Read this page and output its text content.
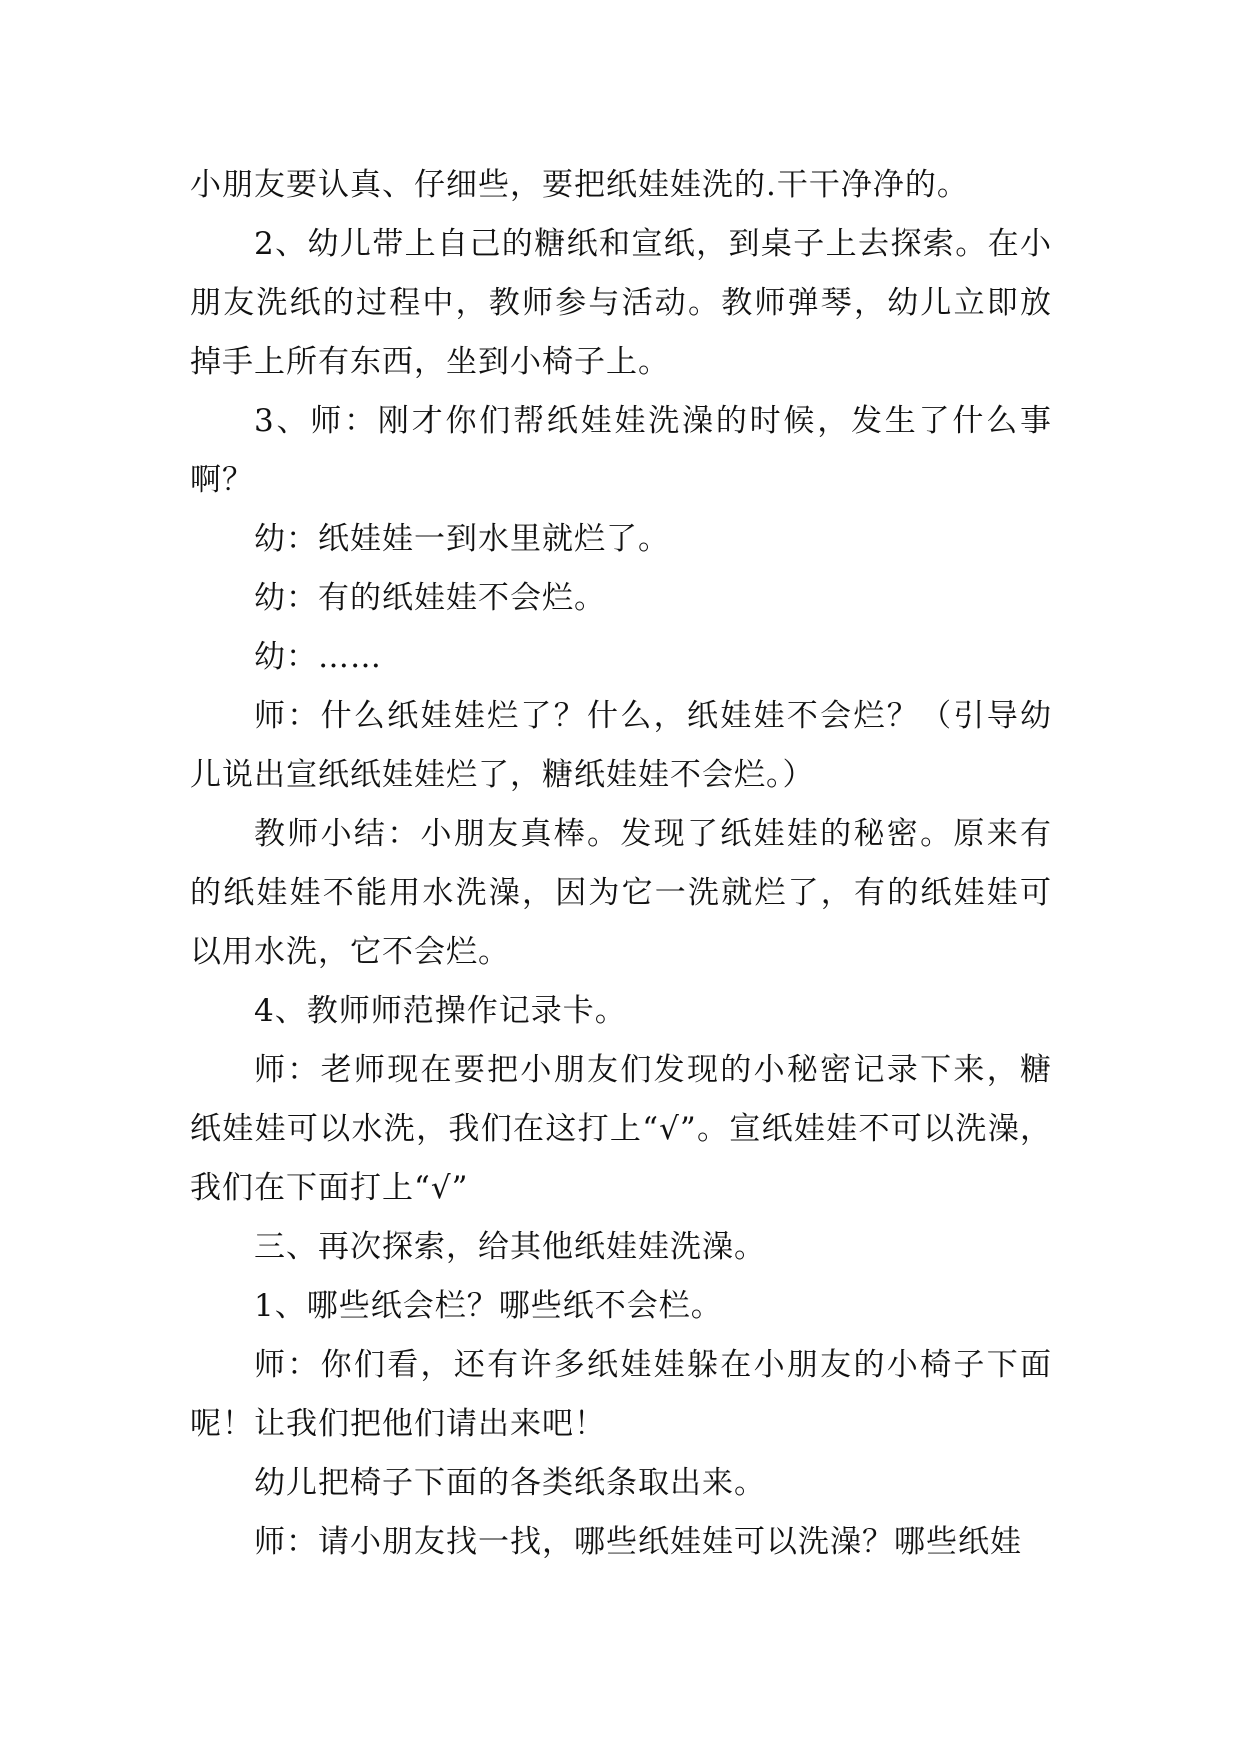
小朋友要认真、仔细些，要把纸娃娃洗的.干干净净的。

2、幼儿带上自己的糖纸和宣纸，到桌子上去探索。在小朋友洗纸的过程中，教师参与活动。教师弹琴，幼儿立即放掉手上所有东西，坐到小椅子上。

3、师：刚才你们帮纸娃娃洗澡的时候，发生了什么事啊？

幼：纸娃娃一到水里就烂了。

幼：有的纸娃娃不会烂。

幼：……

师：什么纸娃娃烂了？什么，纸娃娃不会烂？（引导幼儿说出宣纸纸娃娃烂了，糖纸娃娃不会烂。）

教师小结：小朋友真棒。发现了纸娃娃的秘密。原来有的纸娃娃不能用水洗澡，因为它一洗就烂了，有的纸娃娃可以用水洗，它不会烂。

4、教师师范操作记录卡。

师：老师现在要把小朋友们发现的小秘密记录下来，糖纸娃娃可以水洗，我们在这打上“√”。宣纸娃娃不可以洗澡，我们在下面打上“√”

三、再次探索，给其他纸娃娃洗澡。

1、哪些纸会栏？哪些纸不会栏。

师：你们看，还有许多纸娃娃躲在小朋友的小椅子下面呢！让我们把他们请出来吧！

幼儿把椅子下面的各类纸条取出来。

师：请小朋友找一找，哪些纸娃娃可以洗澡？哪些纸娃
